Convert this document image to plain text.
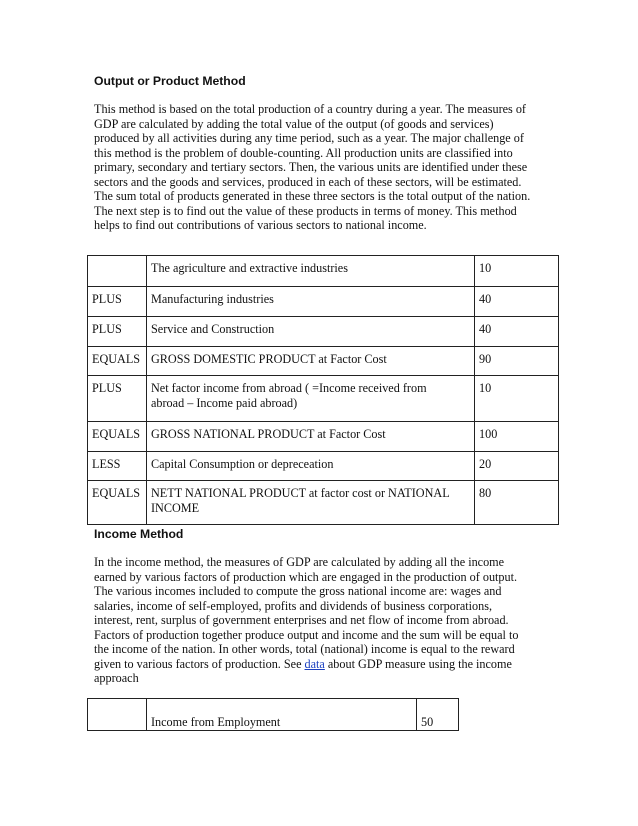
Output or Product Method

This method is based on the total production of a country during a year. The measures of
GDP are calculated by adding the total value of the output (of goods and services)
produced by all activities during any time period, such as a year. The major challenge of
this method is the problem of double-counting. All production units are classified into
primary, secondary and tertiary sectors. Then, the various units are identified under these
sectors and the goods and services, produced in each of these sectors, will be estimated.
The sum total of products generated in these three sectors is the total output of the nation.
The next step is to find out the value of these products in terms of money. This method
helps to find out contributions of various sectors to national income.

	The agriculture and extractive industries	10
PLUS	Manufacturing industries	40
PLUS	Service and Construction	40
EQUALS	GROSS DOMESTIC PRODUCT at Factor Cost	90
PLUS	Net factor income from abroad ( =Income received from
abroad – Income paid abroad)	10
EQUALS	GROSS NATIONAL PRODUCT at Factor Cost	100
LESS	Capital Consumption or depreceation	20
EQUALS	NETT NATIONAL PRODUCT at factor cost or NATIONAL
INCOME	80
Income Method

In the income method, the measures of GDP are calculated by adding all the income
earned by various factors of production which are engaged in the production of output.
The various incomes included to compute the gross national income are: wages and
salaries, income of self-employed, profits and dividends of business corporations,
interest, rent, surplus of government enterprises and net flow of income from abroad.
Factors of production together produce output and income and the sum will be equal to
the income of the nation. In other words, total (national) income is equal to the reward
given to various factors of production. See data about GDP measure using the income
approach

	Income from Employment	50
